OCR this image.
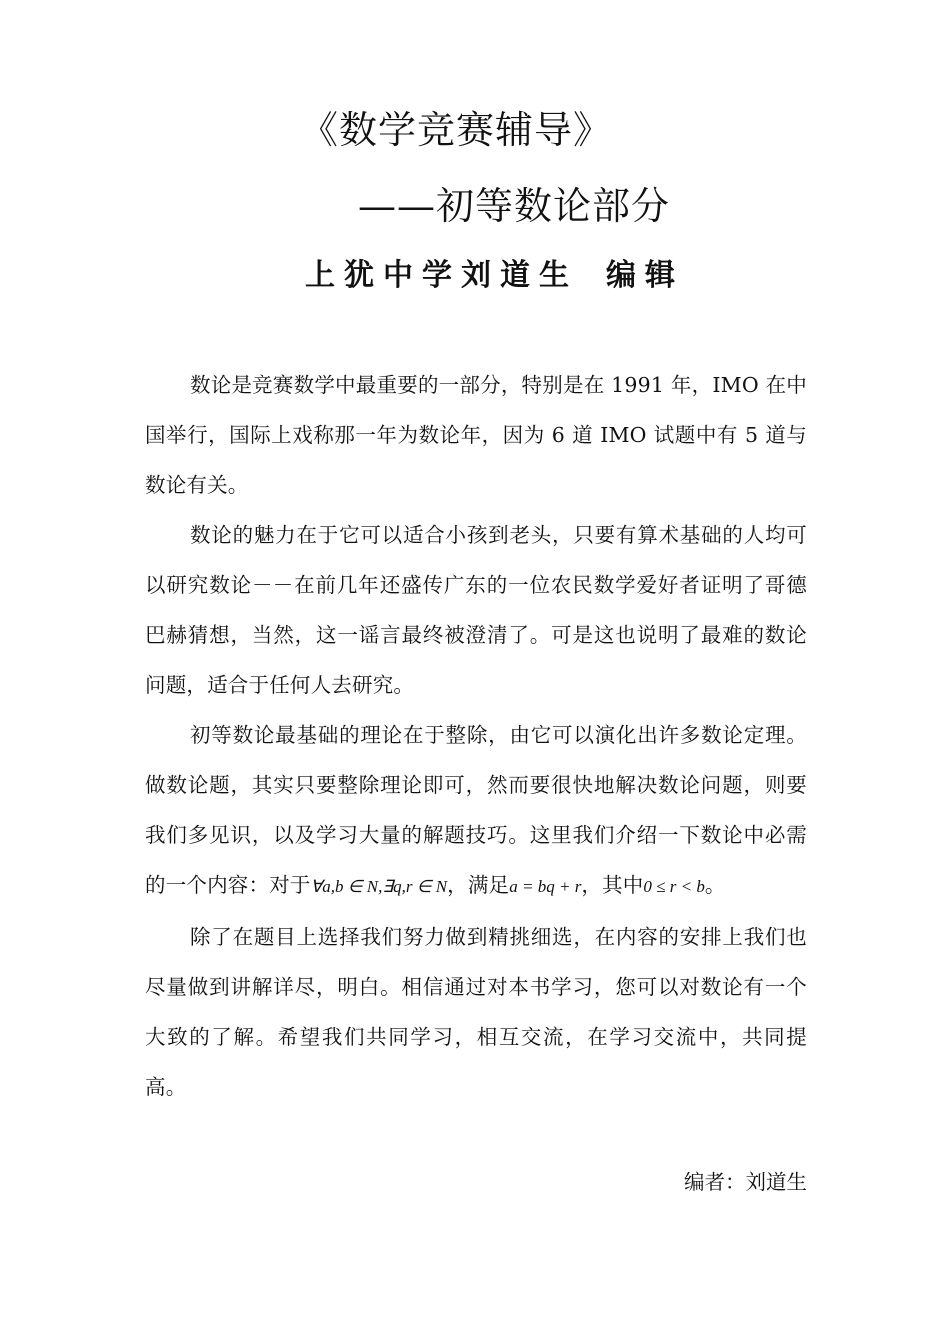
《数学竞赛辅导》
——初等数论部分
上犹中学刘道生 编辑

数论是竞赛数学中最重要的一部分，特别是在 1991 年，IMO 在中国举行，国际上戏称那一年为数论年，因为 6 道 IMO 试题中有 5 道与数论有关。

数论的魅力在于它可以适合小孩到老头，只要有算术基础的人均可以研究数论－－在前几年还盛传广东的一位农民数学爱好者证明了哥德巴赫猜想，当然，这一谣言最终被澄清了。可是这也说明了最难的数论问题，适合于任何人去研究。

初等数论最基础的理论在于整除，由它可以演化出许多数论定理。做数论题，其实只要整除理论即可，然而要很快地解决数论问题，则要我们多见识，以及学习大量的解题技巧。这里我们介绍一下数论中必需的一个内容：对于∀a,b ∈ N,∃q,r ∈ N，满足a = bq + r，其中0 ≤ r < b。

除了在题目上选择我们努力做到精挑细选，在内容的安排上我们也尽量做到讲解详尽，明白。相信通过对本书学习，您可以对数论有一个大致的了解。希望我们共同学习，相互交流，在学习交流中，共同提高。

编者：刘道生
